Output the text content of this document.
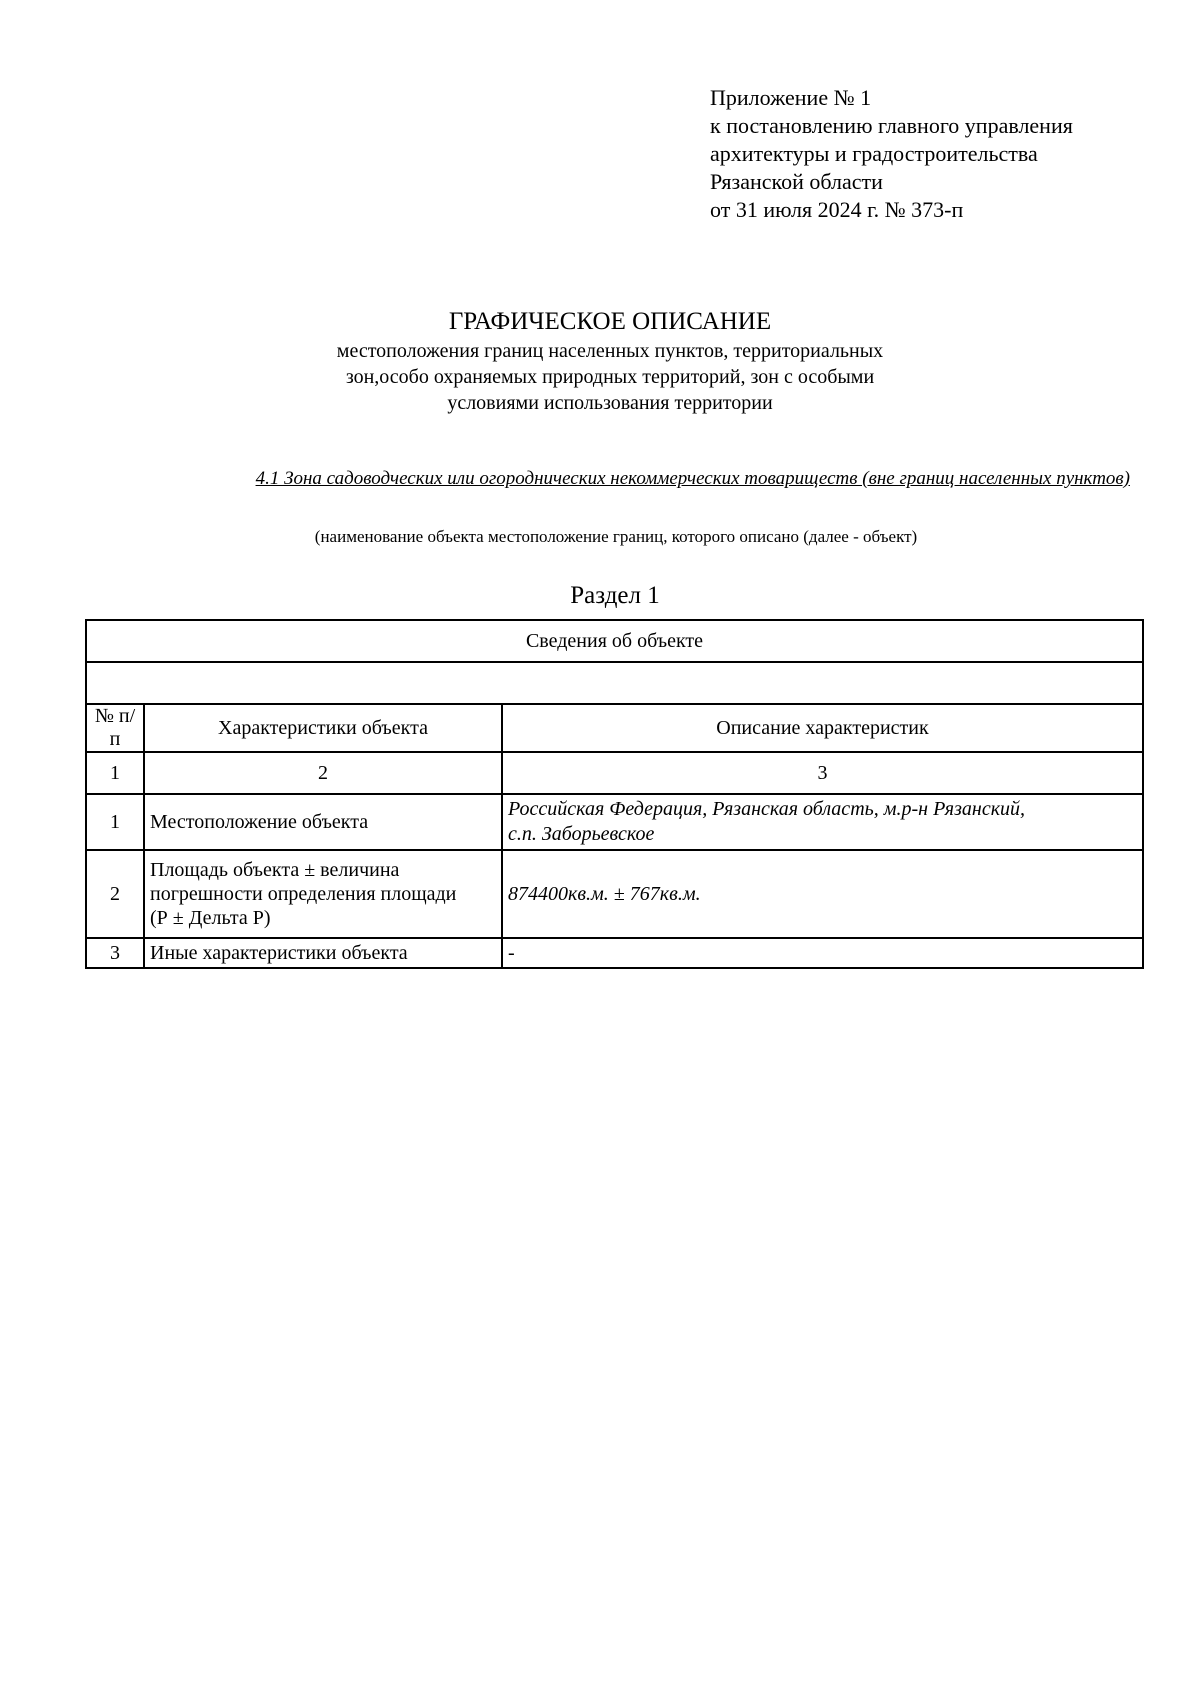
Приложение № 1
к постановлению главного управления
архитектуры и градостроительства
Рязанской области
от 31 июля 2024 г. № 373-п
ГРАФИЧЕСКОЕ ОПИСАНИЕ
местоположения границ населенных пунктов, территориальных
зон,особо охраняемых природных территорий, зон с особыми
условиями использования территории
4.1 Зона садоводческих или огороднических некоммерческих товариществ (вне границ населенных пунктов)
(наименование объекта местоположение границ, которого описано (далее - объект)
Раздел 1
Сведения об объекте		

№ п/п	Характеристики объекта	Описание характеристик
1	2	3
1	Местоположение объекта	Российская Федерация, Рязанская область, м.р-н Рязанский,
с.п. Заборьевское

2	Площадь объекта ± величина
погрешности определения площади
(Р ± Дельта Р)	874400кв.м. ± 767кв.м.
3	Иные характеристики объекта	-
